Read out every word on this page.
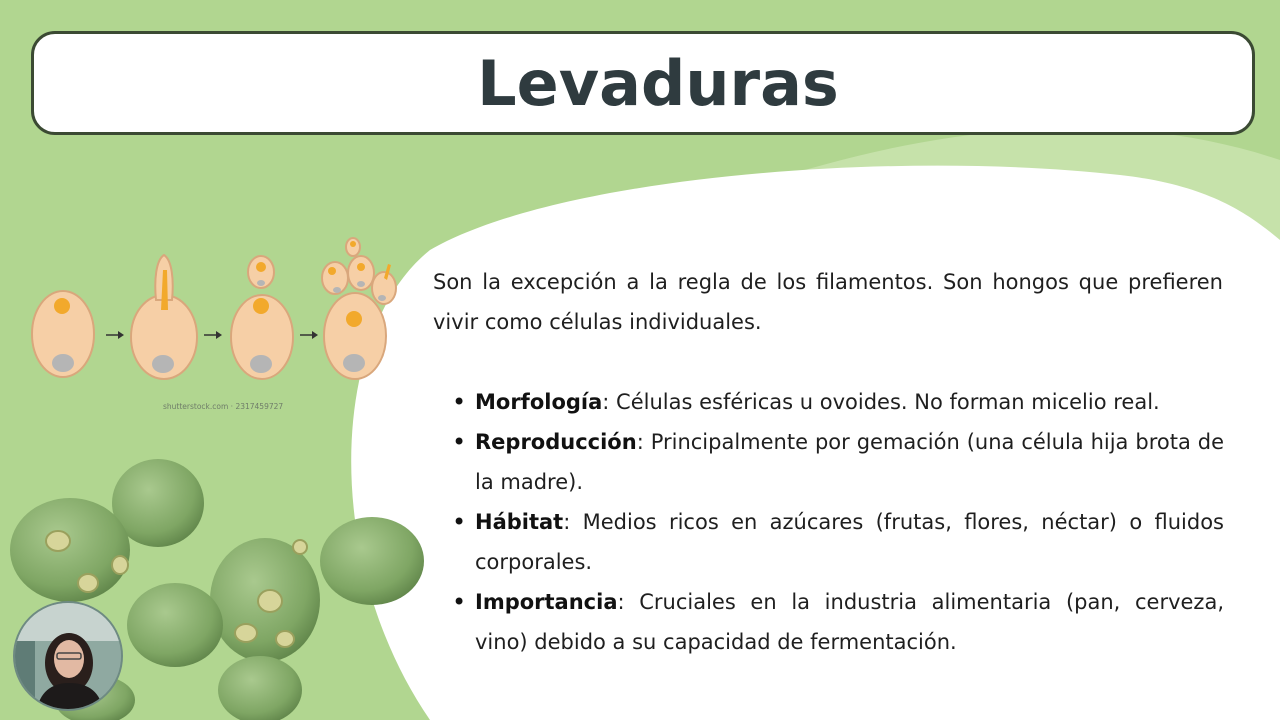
Levaduras
shutterstock.com · 2317459727

Son la excepción a la regla de los filamentos. Son hongos que prefieren vivir como células individuales.

• Morfología: Células esféricas u ovoides. No forman micelio real.
• Reproducción: Principalmente por gemación (una célula hija brota de la madre).
• Hábitat: Medios ricos en azúcares (frutas, flores, néctar) o fluidos corporales.
• Importancia: Cruciales en la industria alimentaria (pan, cerveza, vino) debido a su capacidad de fermentación.
